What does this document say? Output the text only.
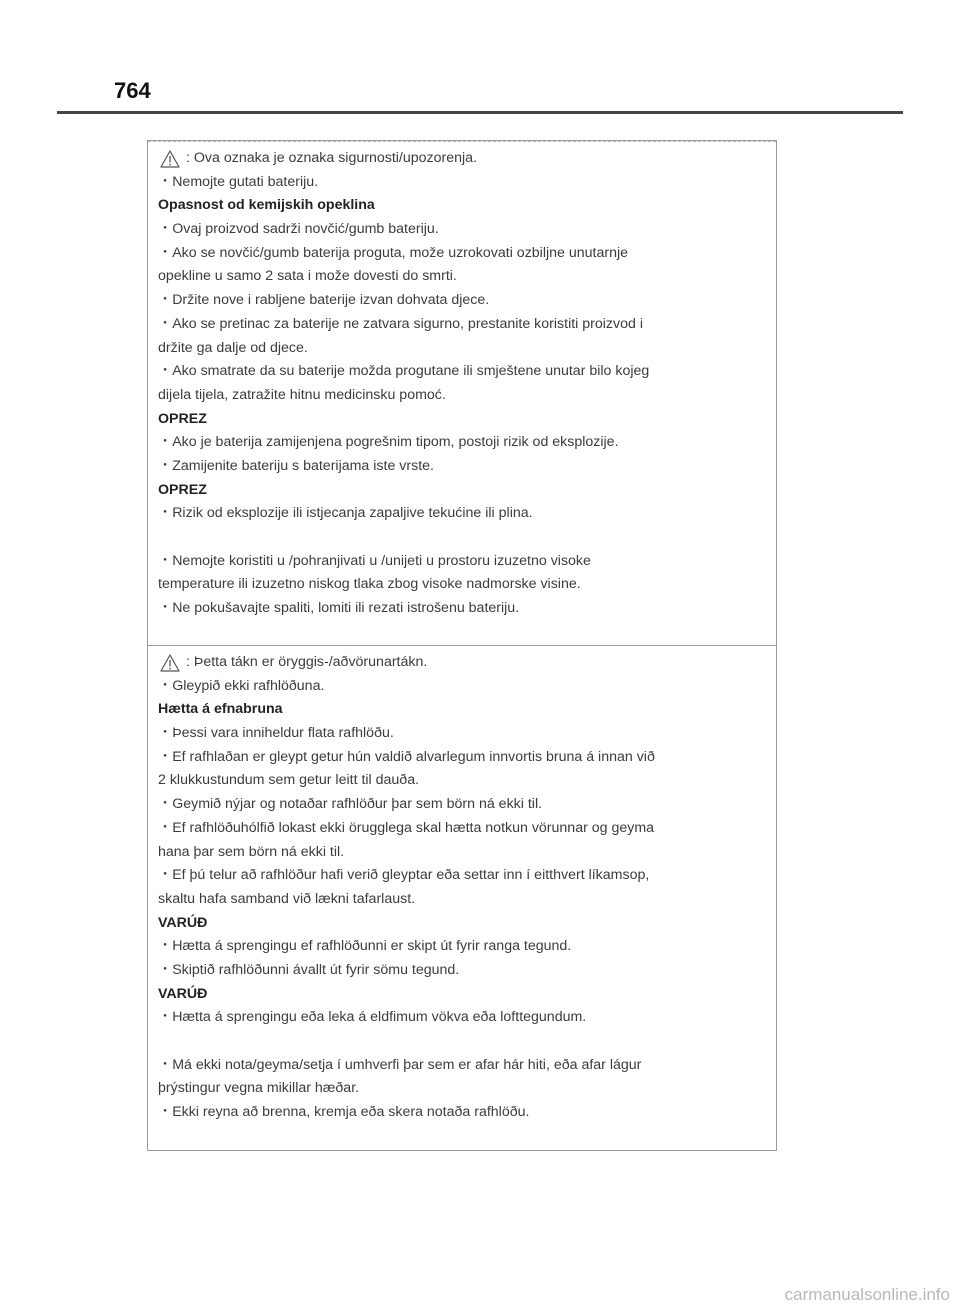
764
: Ova oznaka je oznaka sigurnosti/upozorenja.
・Nemojte gutati bateriju.
Opasnost od kemijskih opeklina
・Ovaj proizvod sadrži novčić/gumb bateriju.
・Ako se novčić/gumb baterija proguta, može uzrokovati ozbiljne unutarnje
opekline u samo 2 sata i može dovesti do smrti.
・Držite nove i rabljene baterije izvan dohvata djece.
・Ako se pretinac za baterije ne zatvara sigurno, prestanite koristiti proizvod i
držite ga dalje od djece.
・Ako smatrate da su baterije možda progutane ili smještene unutar bilo kojeg
dijela tijela, zatražite hitnu medicinsku pomoć.
OPREZ
・Ako je baterija zamijenjena pogrešnim tipom, postoji rizik od eksplozije.
・Zamijenite bateriju s baterijama iste vrste.
OPREZ
・Rizik od eksplozije ili istjecanja zapaljive tekućine ili plina.
・Nemojte koristiti u /pohranjivati u /unijeti u prostoru izuzetno visoke
temperature ili izuzetno niskog tlaka zbog visoke nadmorske visine.
・Ne pokušavajte spaliti, lomiti ili rezati istrošenu bateriju.
: Þetta tákn er öryggis-/aðvörunartákn.
・Gleypið ekki rafhlöðuna.
Hætta á efnabruna
・Þessi vara inniheldur flata rafhlöðu.
・Ef rafhlaðan er gleypt getur hún valdið alvarlegum innvortis bruna á innan við
2 klukkustundum sem getur leitt til dauða.
・Geymið nýjar og notaðar rafhlöður þar sem börn ná ekki til.
・Ef rafhlöðuhólfið lokast ekki örugglega skal hætta notkun vörunnar og geyma
hana þar sem börn ná ekki til.
・Ef þú telur að rafhlöður hafi verið gleyptar eða settar inn í eitthvert líkamsop,
skaltu hafa samband við lækni tafarlaust.
VARÚÐ
・Hætta á sprengingu ef rafhlöðunni er skipt út fyrir ranga tegund.
・Skiptið rafhlöðunni ávallt út fyrir sömu tegund.
VARÚÐ
・Hætta á sprengingu eða leka á eldfimum vökva eða lofttegundum.
・Má ekki nota/geyma/setja í umhverfi þar sem er afar hár hiti, eða afar lágur
þrýstingur vegna mikillar hæðar.
・Ekki reyna að brenna, kremja eða skera notaða rafhlöðu.
carmanualsonline.info
